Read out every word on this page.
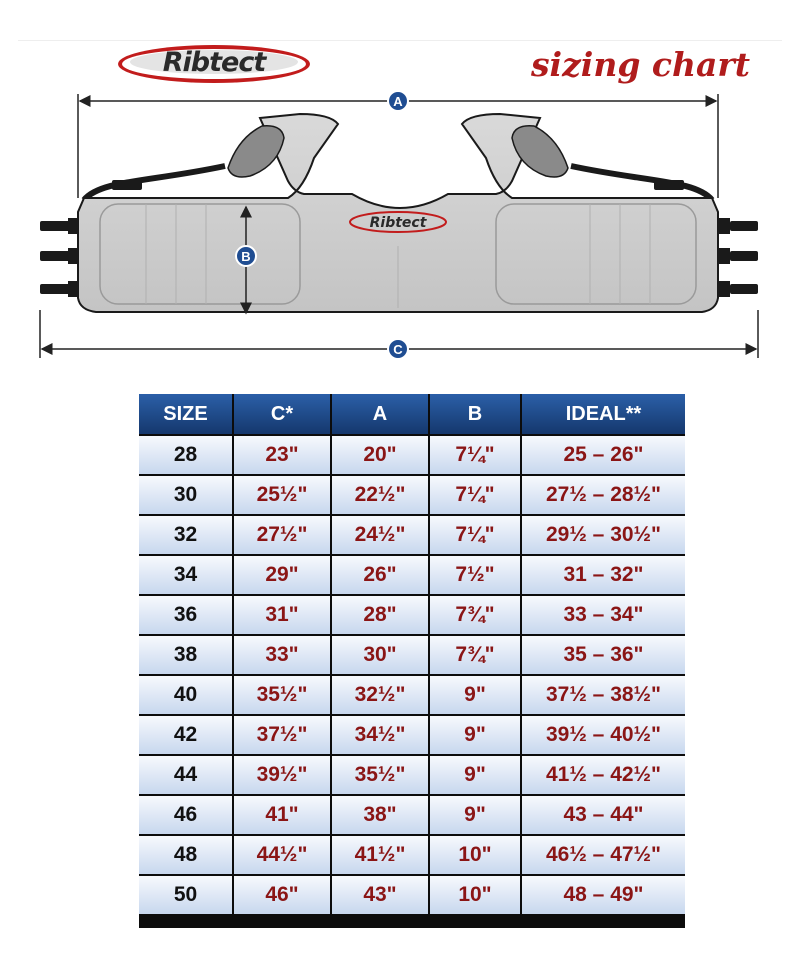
Ribtect	sizing chart
A
C
Ribtect
B
SIZE	C*	A	B	IDEAL**
28	23"	20"	7¼"	25 – 26"
30	25½"	22½"	7¼"	27½ – 28½"
32	27½"	24½"	7¼"	29½ – 30½"
34	29"	26"	7½"	31 – 32"
36	31"	28"	7¾"	33 – 34"
38	33"	30"	7¾"	35 – 36"
40	35½"	32½"	9"	37½ – 38½"
42	37½"	34½"	9"	39½ – 40½"
44	39½"	35½"	9"	41½ – 42½"
46	41"	38"	9"	43 – 44"
48	44½"	41½"	10"	46½ – 47½"
50	46"	43"	10"	48 – 49"
